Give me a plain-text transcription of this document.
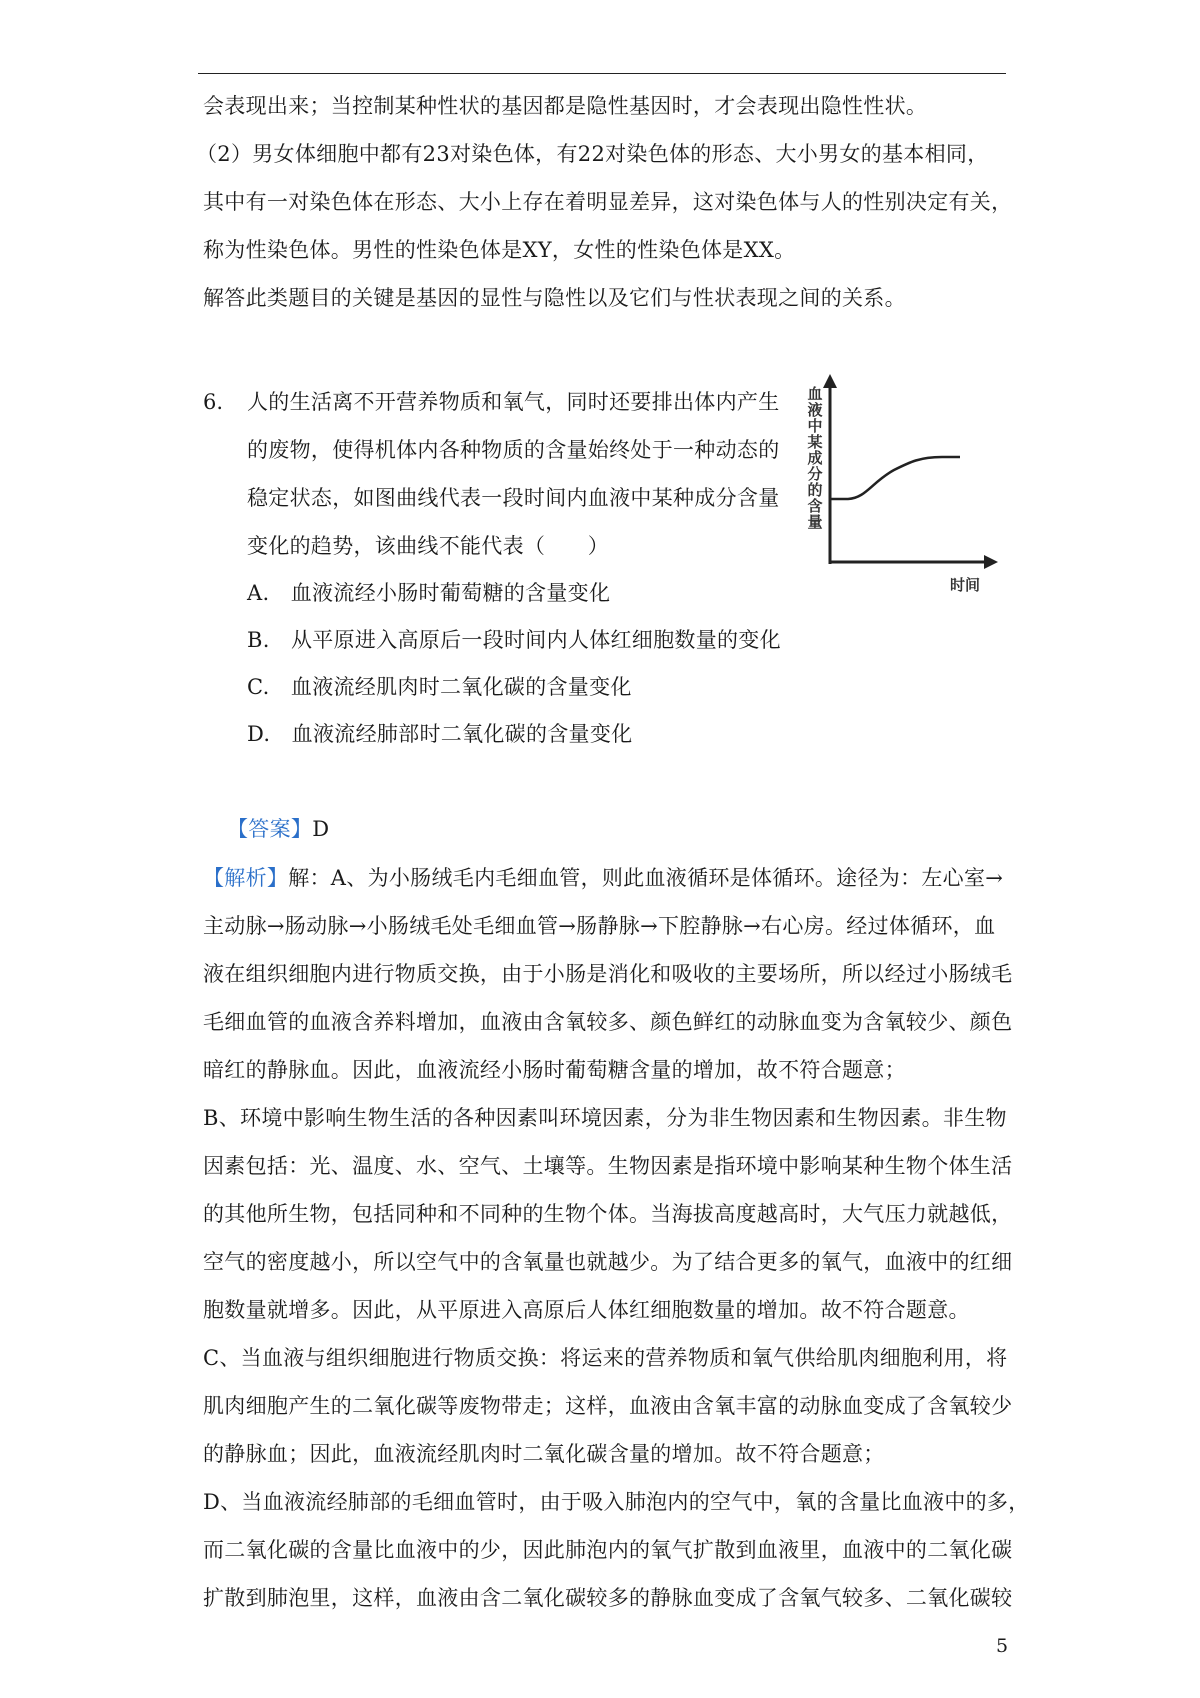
会表现出来；当控制某种性状的基因都是隐性基因时，才会表现出隐性性状。
（2）男女体细胞中都有23对染色体，有22对染色体的形态、大小男女的基本相同，
其中有一对染色体在形态、大小上存在着明显差异，这对染色体与人的性别决定有关，
称为性染色体。男性的性染色体是XY，女性的性染色体是XX。
解答此类题目的关键是基因的显性与隐性以及它们与性状表现之间的关系。
6. 人的生活离不开营养物质和氧气，同时还要排出体内产生
的废物，使得机体内各种物质的含量始终处于一种动态的
稳定状态，如图曲线代表一段时间内血液中某种成分含量
变化的趋势，该曲线不能代表（　　）
A.　血液流经小肠时葡萄糖的含量变化
B.　从平原进入高原后一段时间内人体红细胞数量的变化
C.　血液流经肌肉时二氧化碳的含量变化
D.　血液流经肺部时二氧化碳的含量变化
血液中某成分的含量
时间
【答案】D
【解析】解：A、为小肠绒毛内毛细血管，则此血液循环是体循环。途径为：左心室→
主动脉→肠动脉→小肠绒毛处毛细血管→肠静脉→下腔静脉→右心房。经过体循环，血
液在组织细胞内进行物质交换，由于小肠是消化和吸收的主要场所，所以经过小肠绒毛
毛细血管的血液含养料增加，血液由含氧较多、颜色鲜红的动脉血变为含氧较少、颜色
暗红的静脉血。因此，血液流经小肠时葡萄糖含量的增加，故不符合题意；
B、环境中影响生物生活的各种因素叫环境因素，分为非生物因素和生物因素。非生物
因素包括：光、温度、水、空气、土壤等。生物因素是指环境中影响某种生物个体生活
的其他所生物，包括同种和不同种的生物个体。当海拔高度越高时，大气压力就越低，
空气的密度越小，所以空气中的含氧量也就越少。为了结合更多的氧气，血液中的红细
胞数量就增多。因此，从平原进入高原后人体红细胞数量的增加。故不符合题意。
C、当血液与组织细胞进行物质交换：将运来的营养物质和氧气供给肌肉细胞利用，将
肌肉细胞产生的二氧化碳等废物带走；这样，血液由含氧丰富的动脉血变成了含氧较少
的静脉血；因此，血液流经肌肉时二氧化碳含量的增加。故不符合题意；
D、当血液流经肺部的毛细血管时，由于吸入肺泡内的空气中，氧的含量比血液中的多，
而二氧化碳的含量比血液中的少，因此肺泡内的氧气扩散到血液里，血液中的二氧化碳
扩散到肺泡里，这样，血液由含二氧化碳较多的静脉血变成了含氧气较多、二氧化碳较
5
